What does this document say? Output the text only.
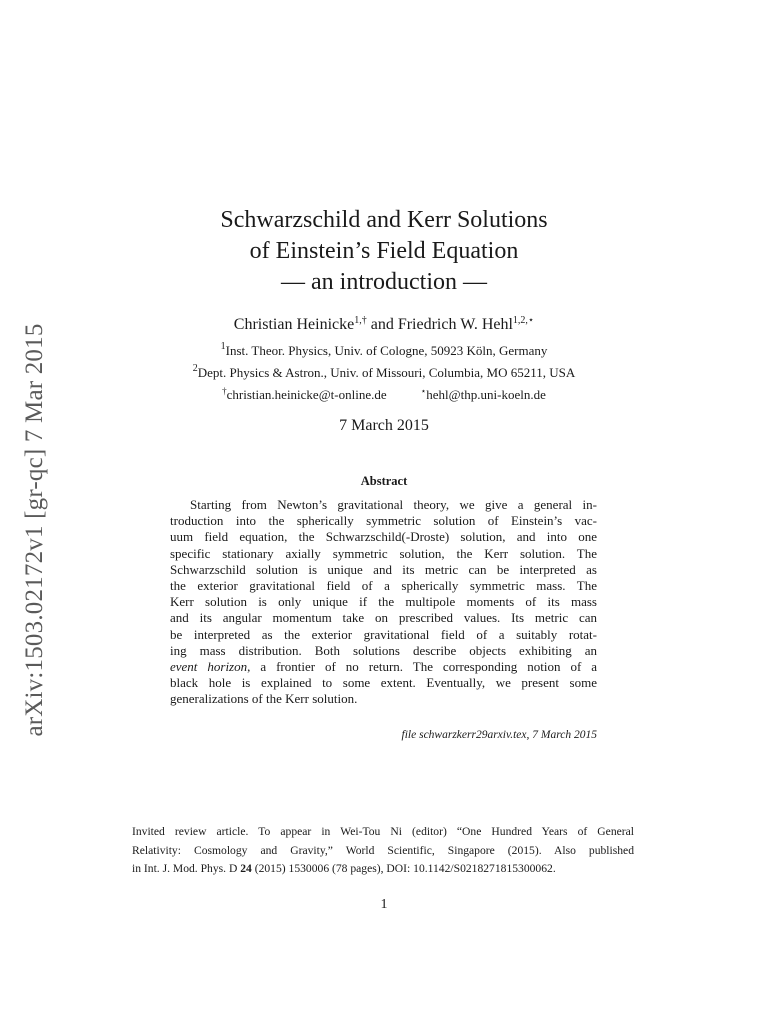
arXiv:1503.02172v1 [gr-qc] 7 Mar 2015
Schwarzschild and Kerr Solutions
of Einstein’s Field Equation
— an introduction —
Christian Heinicke$^{1,\dagger}$ and Friedrich W. Hehl$^{1,2,⋆}$
$^1$Inst. Theor. Physics, Univ. of Cologne, 50923 Köln, Germany
$^2$Dept. Physics & Astron., Univ. of Missouri, Columbia, MO 65211, USA
†christian.heinicke@t-online.de	⋆hehl@thp.uni-koeln.de
7 March 2015
Abstract
Starting from Newton’s gravitational theory, we give a general in-
troduction into the spherically symmetric solution of Einstein’s vac-
uum field equation, the Schwarzschild(-Droste) solution, and into one
specific stationary axially symmetric solution, the Kerr solution. The
Schwarzschild solution is unique and its metric can be interpreted as
the exterior gravitational field of a spherically symmetric mass. The
Kerr solution is only unique if the multipole moments of its mass
and its angular momentum take on prescribed values. Its metric can
be interpreted as the exterior gravitational field of a suitably rotat-
ing mass distribution. Both solutions describe objects exhibiting an
event horizon, a frontier of no return. The corresponding notion of a
black hole is explained to some extent. Eventually, we present some
generalizations of the Kerr solution.
file schwarzkerr29arxiv.tex, 7 March 2015
Invited review article. To appear in Wei-Tou Ni (editor) “One Hundred Years of General
Relativity: Cosmology and Gravity,” World Scientific, Singapore (2015). Also published
in Int. J. Mod. Phys. D 24 (2015) 1530006 (78 pages), DOI: 10.1142/S0218271815300062.
1
